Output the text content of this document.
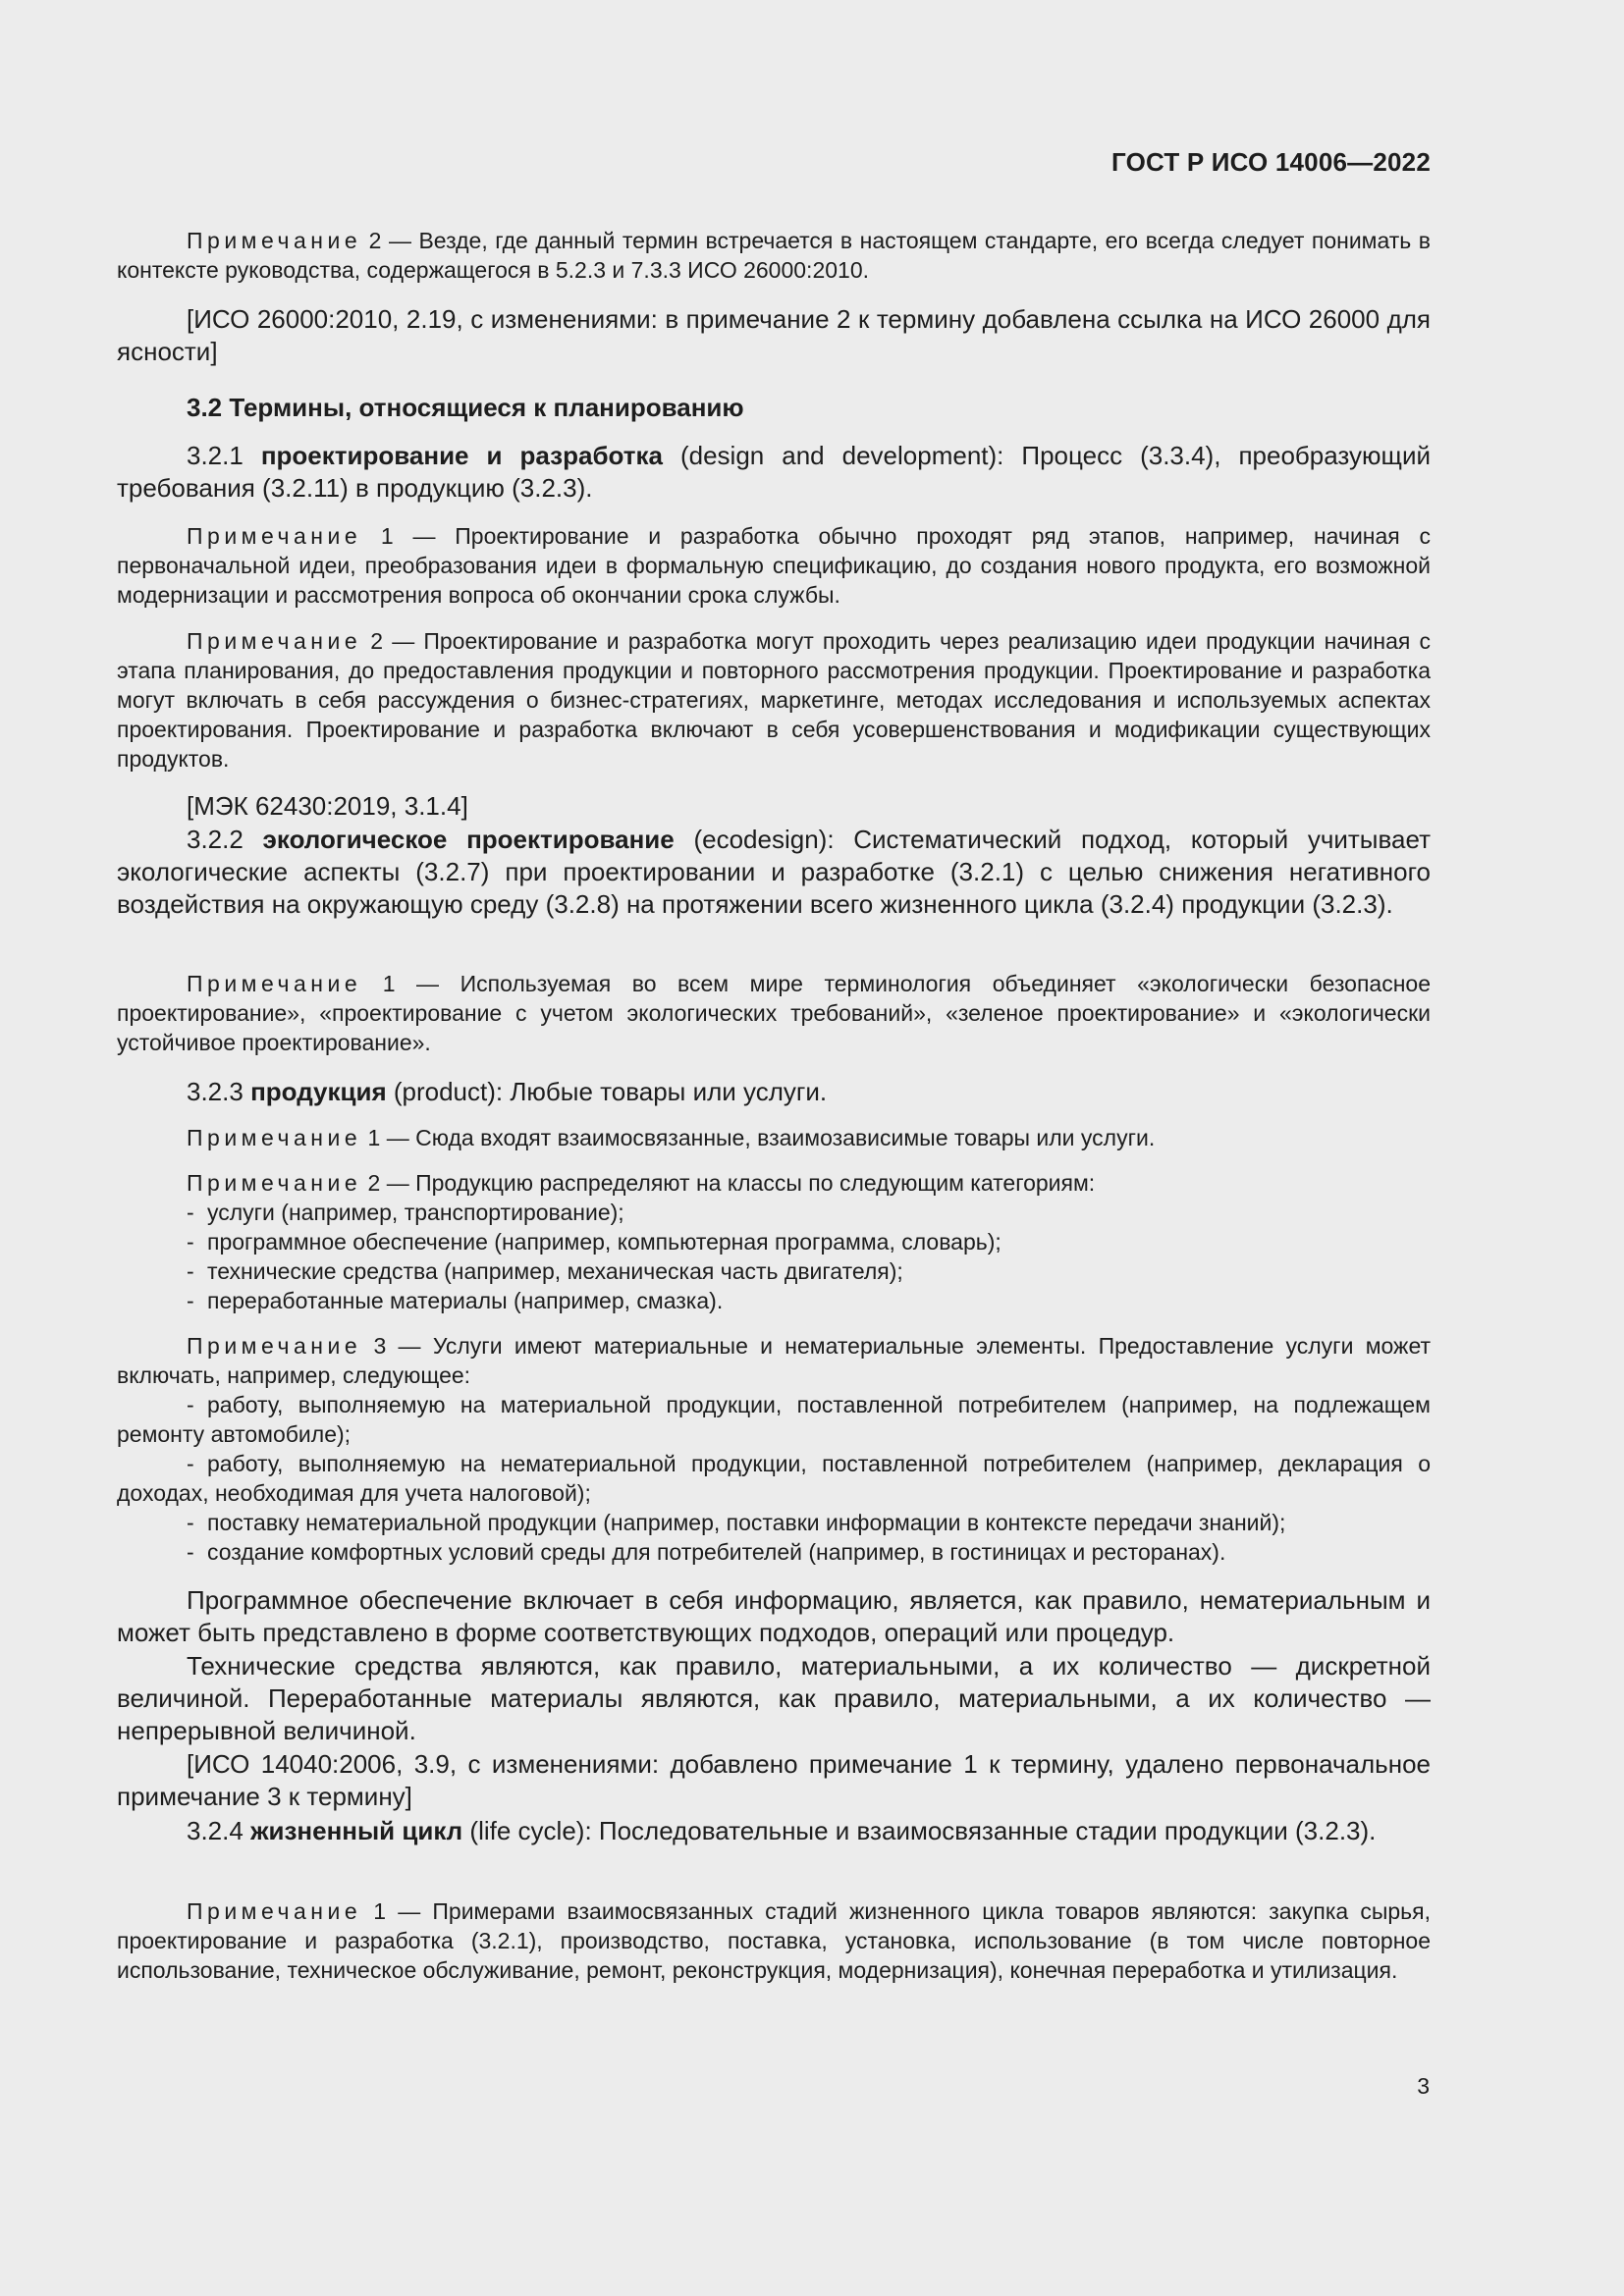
ГОСТ Р ИСО 14006—2022
Примечание 2 — Везде, где данный термин встречается в настоящем стандарте, его всегда следует понимать в контексте руководства, содержащегося в 5.2.3 и 7.3.3 ИСО 26000:2010.
[ИСО 26000:2010, 2.19, с изменениями: в примечание 2 к термину добавлена ссылка на ИСО 26000 для ясности]
3.2 Термины, относящиеся к планированию
3.2.1 проектирование и разработка (design and development): Процесс (3.3.4), преобразующий требования (3.2.11) в продукцию (3.2.3).
Примечание 1 — Проектирование и разработка обычно проходят ряд этапов, например, начиная с первоначальной идеи, преобразования идеи в формальную спецификацию, до создания нового продукта, его возможной модернизации и рассмотрения вопроса об окончании срока службы.
Примечание 2 — Проектирование и разработка могут проходить через реализацию идеи продукции начиная с этапа планирования, до предоставления продукции и повторного рассмотрения продукции. Проектирование и разработка могут включать в себя рассуждения о бизнес-стратегиях, маркетинге, методах исследования и используемых аспектах проектирования. Проектирование и разработка включают в себя усовершенствования и модификации существующих продуктов.
[МЭК 62430:2019, 3.1.4]
3.2.2 экологическое проектирование (ecodesign): Систематический подход, который учитывает экологические аспекты (3.2.7) при проектировании и разработке (3.2.1) с целью снижения негативного воздействия на окружающую среду (3.2.8) на протяжении всего жизненного цикла (3.2.4) продукции (3.2.3).
Примечание 1 — Используемая во всем мире терминология объединяет «экологически безопасное проектирование», «проектирование с учетом экологических требований», «зеленое проектирование» и «экологически устойчивое проектирование».
3.2.3 продукция (product): Любые товары или услуги.
Примечание 1 — Сюда входят взаимосвязанные, взаимозависимые товары или услуги.
Примечание 2 — Продукцию распределяют на классы по следующим категориям:
- услуги (например, транспортирование);
- программное обеспечение (например, компьютерная программа, словарь);
- технические средства (например, механическая часть двигателя);
- переработанные материалы (например, смазка).
Примечание 3 — Услуги имеют материальные и нематериальные элементы. Предоставление услуги может включать, например, следующее:
- работу, выполняемую на материальной продукции, поставленной потребителем (например, на подлежащем ремонту автомобиле);
- работу, выполняемую на нематериальной продукции, поставленной потребителем (например, декларация о доходах, необходимая для учета налоговой);
- поставку нематериальной продукции (например, поставки информации в контексте передачи знаний);
- создание комфортных условий среды для потребителей (например, в гостиницах и ресторанах).
Программное обеспечение включает в себя информацию, является, как правило, нематериальным и может быть представлено в форме соответствующих подходов, операций или процедур.
Технические средства являются, как правило, материальными, а их количество — дискретной величиной. Переработанные материалы являются, как правило, материальными, а их количество — непрерывной величиной.
[ИСО 14040:2006, 3.9, с изменениями: добавлено примечание 1 к термину, удалено первоначальное примечание 3 к термину]
3.2.4 жизненный цикл (life cycle): Последовательные и взаимосвязанные стадии продукции (3.2.3).
Примечание 1 — Примерами взаимосвязанных стадий жизненного цикла товаров являются: закупка сырья, проектирование и разработка (3.2.1), производство, поставка, установка, использование (в том числе повторное использование, техническое обслуживание, ремонт, реконструкция, модернизация), конечная переработка и утилизация.
3
